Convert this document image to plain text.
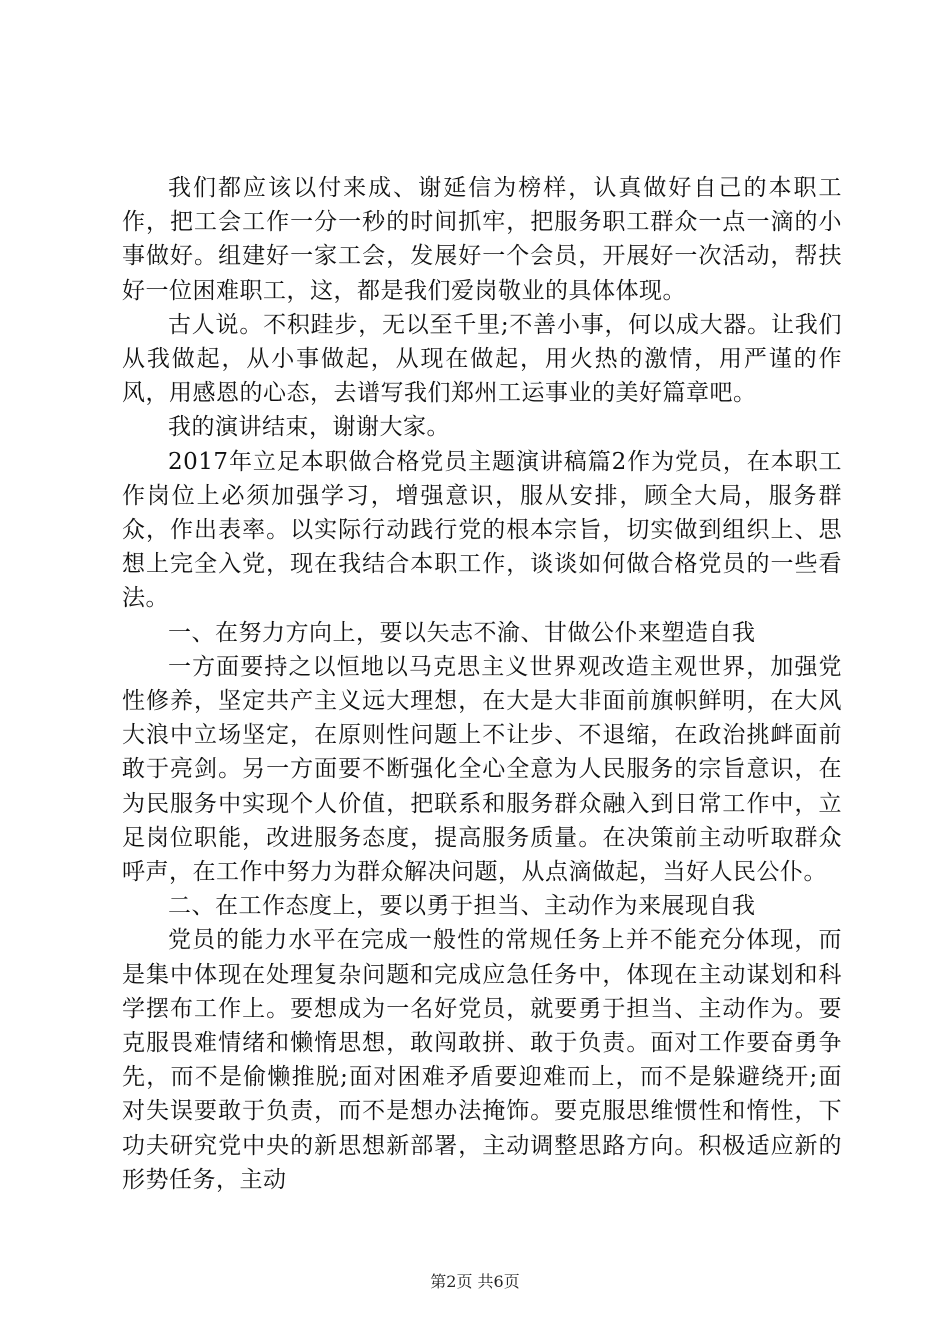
我们都应该以付来成、谢延信为榜样，认真做好自己的本职工作，把工会工作一分一秒的时间抓牢，把服务职工群众一点一滴的小事做好。组建好一家工会，发展好一个会员，开展好一次活动，帮扶好一位困难职工，这，都是我们爱岗敬业的具体体现。

古人说。不积跬步，无以至千里;不善小事，何以成大器。让我们从我做起，从小事做起，从现在做起，用火热的激情，用严谨的作风，用感恩的心态，去谱写我们郑州工运事业的美好篇章吧。

我的演讲结束，谢谢大家。

2017年立足本职做合格党员主题演讲稿篇2作为党员，在本职工作岗位上必须加强学习，增强意识，服从安排，顾全大局，服务群众，作出表率。以实际行动践行党的根本宗旨，切实做到组织上、思想上完全入党，现在我结合本职工作，谈谈如何做合格党员的一些看法。

一、在努力方向上，要以矢志不渝、甘做公仆来塑造自我

一方面要持之以恒地以马克思主义世界观改造主观世界，加强党性修养，坚定共产主义远大理想，在大是大非面前旗帜鲜明，在大风大浪中立场坚定，在原则性问题上不让步、不退缩，在政治挑衅面前敢于亮剑。另一方面要不断强化全心全意为人民服务的宗旨意识，在为民服务中实现个人价值，把联系和服务群众融入到日常工作中，立足岗位职能，改进服务态度，提高服务质量。在决策前主动听取群众呼声，在工作中努力为群众解决问题，从点滴做起，当好人民公仆。

二、在工作态度上，要以勇于担当、主动作为来展现自我

党员的能力水平在完成一般性的常规任务上并不能充分体现，而是集中体现在处理复杂问题和完成应急任务中，体现在主动谋划和科学摆布工作上。要想成为一名好党员，就要勇于担当、主动作为。要克服畏难情绪和懒惰思想，敢闯敢拼、敢于负责。面对工作要奋勇争先，而不是偷懒推脱;面对困难矛盾要迎难而上，而不是躲避绕开;面对失误要敢于负责，而不是想办法掩饰。要克服思维惯性和惰性，下功夫研究党中央的新思想新部署，主动调整思路方向。积极适应新的形势任务，主动

第2页 共6页
